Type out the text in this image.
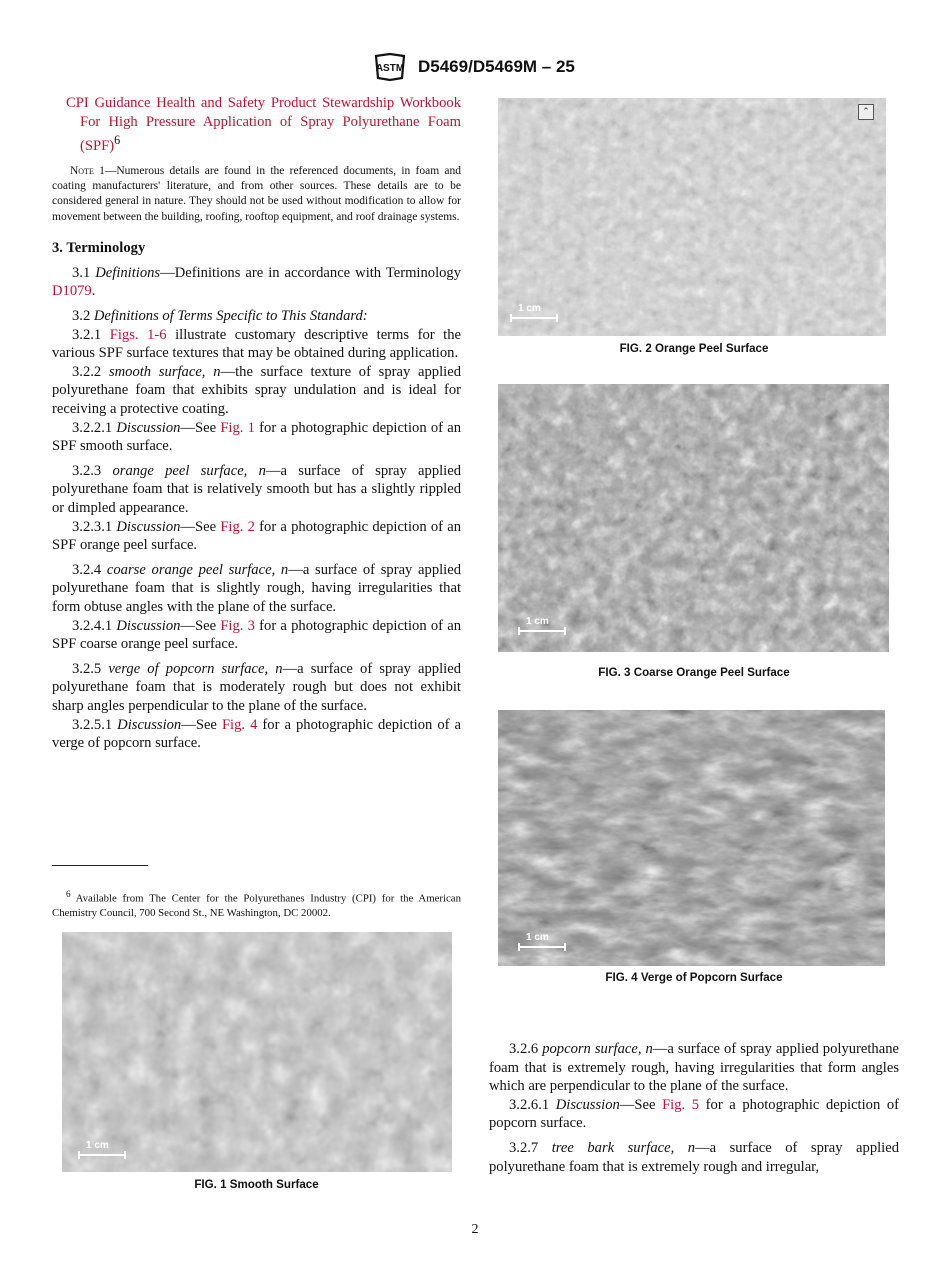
ASTM D5469/D5469M – 25

CPI Guidance Health and Safety Product Stewardship Workbook For High Pressure Application of Spray Polyurethane Foam (SPF)$^6$

Note 1—Numerous details are found in the referenced documents, in foam and coating manufacturers' literature, and from other sources. These details are to be considered general in nature. They should not be used without modification to allow for movement between the building, roofing, rooftop equipment, and roof drainage systems.

3. Terminology

3.1 Definitions—Definitions are in accordance with Terminology D1079.

3.2 Definitions of Terms Specific to This Standard:

3.2.1 Figs. 1-6 illustrate customary descriptive terms for the various SPF surface textures that may be obtained during application.

3.2.2 smooth surface, n—the surface texture of spray applied polyurethane foam that exhibits spray undulation and is ideal for receiving a protective coating.

3.2.2.1 Discussion—See Fig. 1 for a photographic depiction of an SPF smooth surface.

3.2.3 orange peel surface, n—a surface of spray applied polyurethane foam that is relatively smooth but has a slightly rippled or dimpled appearance.

3.2.3.1 Discussion—See Fig. 2 for a photographic depiction of an SPF orange peel surface.

3.2.4 coarse orange peel surface, n—a surface of spray applied polyurethane foam that is slightly rough, having irregularities that form obtuse angles with the plane of the surface.

3.2.4.1 Discussion—See Fig. 3 for a photographic depiction of an SPF coarse orange peel surface.

3.2.5 verge of popcorn surface, n—a surface of spray applied polyurethane foam that is moderately rough but does not exhibit sharp angles perpendicular to the plane of the surface.

3.2.5.1 Discussion—See Fig. 4 for a photographic depiction of a verge of popcorn surface.

$^6$ Available from The Center for the Polyurethanes Industry (CPI) for the American Chemistry Council, 700 Second St., NE Washington, DC 20002.

⌃
1 cm
FIG. 2 Orange Peel Surface
1 cm
FIG. 3 Coarse Orange Peel Surface
1 cm
FIG. 4 Verge of Popcorn Surface
1 cm
FIG. 1 Smooth Surface

3.2.6 popcorn surface, n—a surface of spray applied polyurethane foam that is extremely rough, having irregularities that form angles which are perpendicular to the plane of the surface.

3.2.6.1 Discussion—See Fig. 5 for a photographic depiction of popcorn surface.

3.2.7 tree bark surface, n—a surface of spray applied polyurethane foam that is extremely rough and irregular,

2
